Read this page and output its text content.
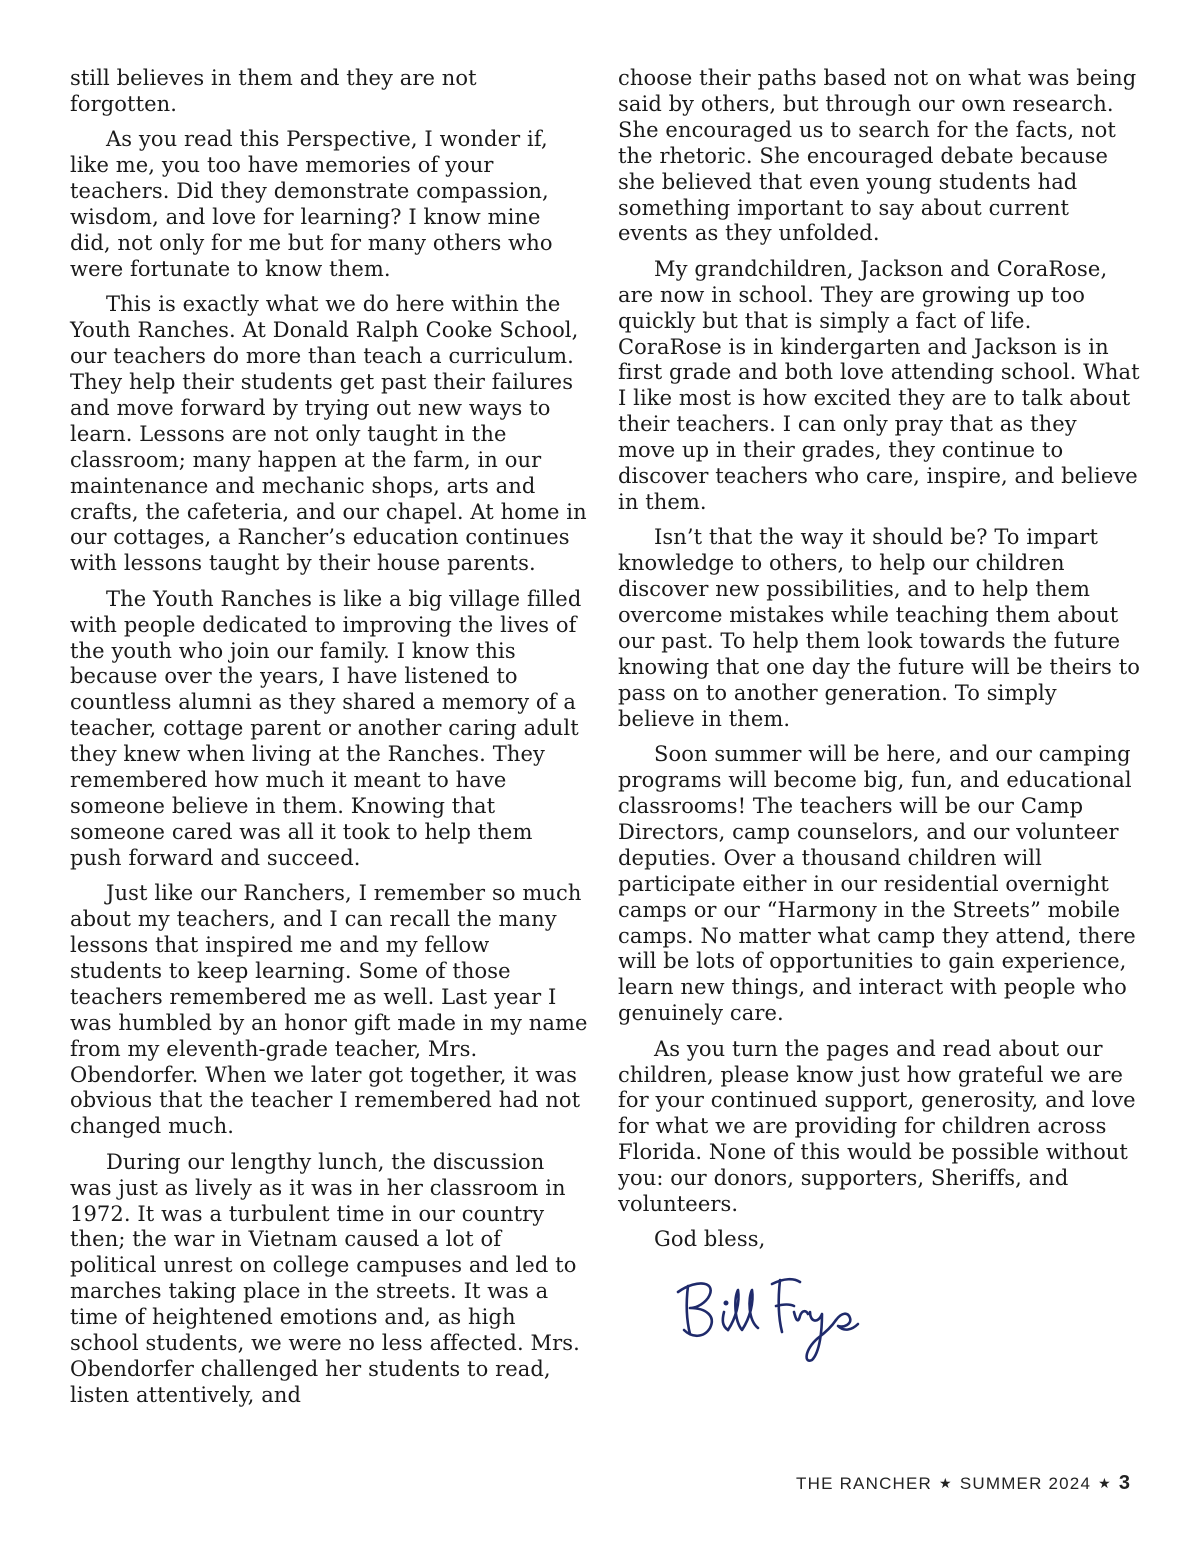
still believes in them and they are not forgotten.

As you read this Perspective, I wonder if, like me, you too have memories of your teachers. Did they demonstrate compassion, wisdom, and love for learning? I know mine did, not only for me but for many others who were fortunate to know them.

This is exactly what we do here within the Youth Ranches. At Donald Ralph Cooke School, our teachers do more than teach a curriculum. They help their students get past their failures and move forward by trying out new ways to learn. Lessons are not only taught in the classroom; many happen at the farm, in our maintenance and mechanic shops, arts and crafts, the cafeteria, and our chapel. At home in our cottages, a Rancher’s education continues with lessons taught by their house parents.

The Youth Ranches is like a big village filled with people dedicated to improving the lives of the youth who join our family. I know this because over the years, I have listened to countless alumni as they shared a memory of a teacher, cottage parent or another caring adult they knew when living at the Ranches. They remembered how much it meant to have someone believe in them. Knowing that someone cared was all it took to help them push forward and succeed.

Just like our Ranchers, I remember so much about my teachers, and I can recall the many lessons that inspired me and my fellow students to keep learning. Some of those teachers remembered me as well. Last year I was humbled by an honor gift made in my name from my eleventh-grade teacher, Mrs. Obendorfer. When we later got together, it was obvious that the teacher I remembered had not changed much.

During our lengthy lunch, the discussion was just as lively as it was in her classroom in 1972. It was a turbulent time in our country then; the war in Vietnam caused a lot of political unrest on college campuses and led to marches taking place in the streets. It was a time of heightened emotions and, as high school students, we were no less affected. Mrs. Obendorfer challenged her students to read, listen attentively, and

choose their paths based not on what was being said by others, but through our own research. She encouraged us to search for the facts, not the rhetoric. She encouraged debate because she believed that even young students had something important to say about current events as they unfolded.

My grandchildren, Jackson and CoraRose, are now in school. They are growing up too quickly but that is simply a fact of life. CoraRose is in kindergarten and Jackson is in first grade and both love attending school. What I like most is how excited they are to talk about their teachers. I can only pray that as they move up in their grades, they continue to discover teachers who care, inspire, and believe in them.

Isn’t that the way it should be? To impart knowledge to others, to help our children discover new possibilities, and to help them overcome mistakes while teaching them about our past. To help them look towards the future knowing that one day the future will be theirs to pass on to another generation. To simply believe in them.

Soon summer will be here, and our camping programs will become big, fun, and educational classrooms! The teachers will be our Camp Directors, camp counselors, and our volunteer deputies. Over a thousand children will participate either in our residential overnight camps or our “Harmony in the Streets” mobile camps. No matter what camp they attend, there will be lots of opportunities to gain experience, learn new things, and interact with people who genuinely care.

As you turn the pages and read about our children, please know just how grateful we are for your continued support, generosity, and love for what we are providing for children across Florida. None of this would be possible without you: our donors, supporters, Sheriffs, and volunteers.

God bless,

THE RANCHER ★ SUMMER 2024 ★ 3
